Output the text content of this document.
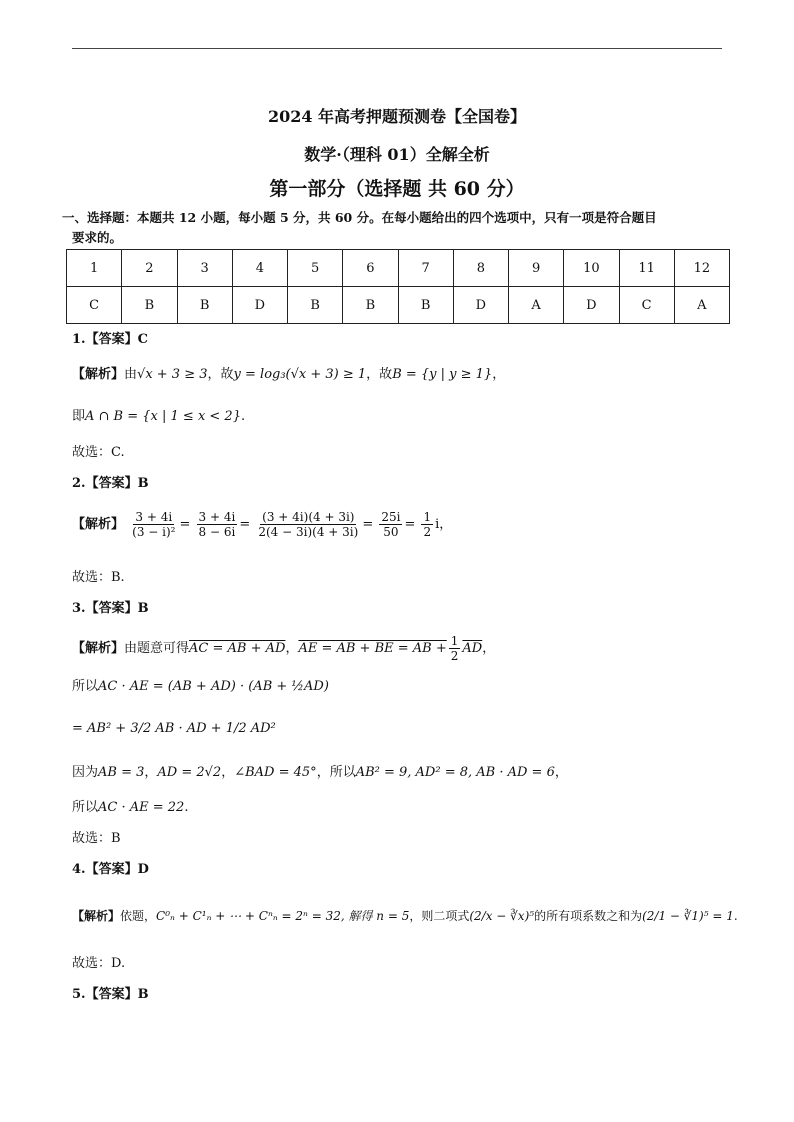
2024 年高考押题预测卷【全国卷】
数学·（理科 01）全解全析
第一部分（选择题 共 60 分）
一、选择题：本题共 12 小题，每小题 5 分，共 60 分。在每小题给出的四个选项中，只有一项是符合题目
要求的。
1	2	3	4	5	6	7	8	9	10	11	12
C	B	B	D	B	B	B	D	A	D	C	A
1.【答案】C
【解析】由√x + 3 ≥ 3，故y = log₃(√x + 3) ≥ 1，故B = {y | y ≥ 1}，
即A ∩ B = {x | 1 ≤ x < 2}.
故选：C.
2.【答案】B
【解析】 $\frac{3 + 4i}{\text{(3 − i)²}} = \frac{3 + 4i}{8 - 6i} = \frac{(3 + 4i)(4 + 3i)}{2(4 - 3i)(4 + 3i)} = \frac{25i}{50} = \frac{1}{2}$ i，
故选：B.
3.【答案】B
【解析】由题意可得AC = AB + AD，AE = AB + BE = AB + $\frac{1}{2} \overline{AD}$，
所以AC · AE = (AB + AD) · (AB + ½AD)
= AB² + 3/2 AB · AD + 1/2 AD²
因为AB = 3，AD = 2√2，∠BAD = 45°，所以AB² = 9, AD² = 8, AB · AD = 6，
所以AC · AE = 22.
故选：B
4.【答案】D
【解析】依题，C⁰ₙ + C¹ₙ + ⋯ + Cⁿₙ = 2ⁿ = 32, 解得 n = 5，则二项式(2/x − ∛x)⁵的所有项系数之和为(2/1 − ∛1)⁵ = 1.
故选：D.
5.【答案】B
